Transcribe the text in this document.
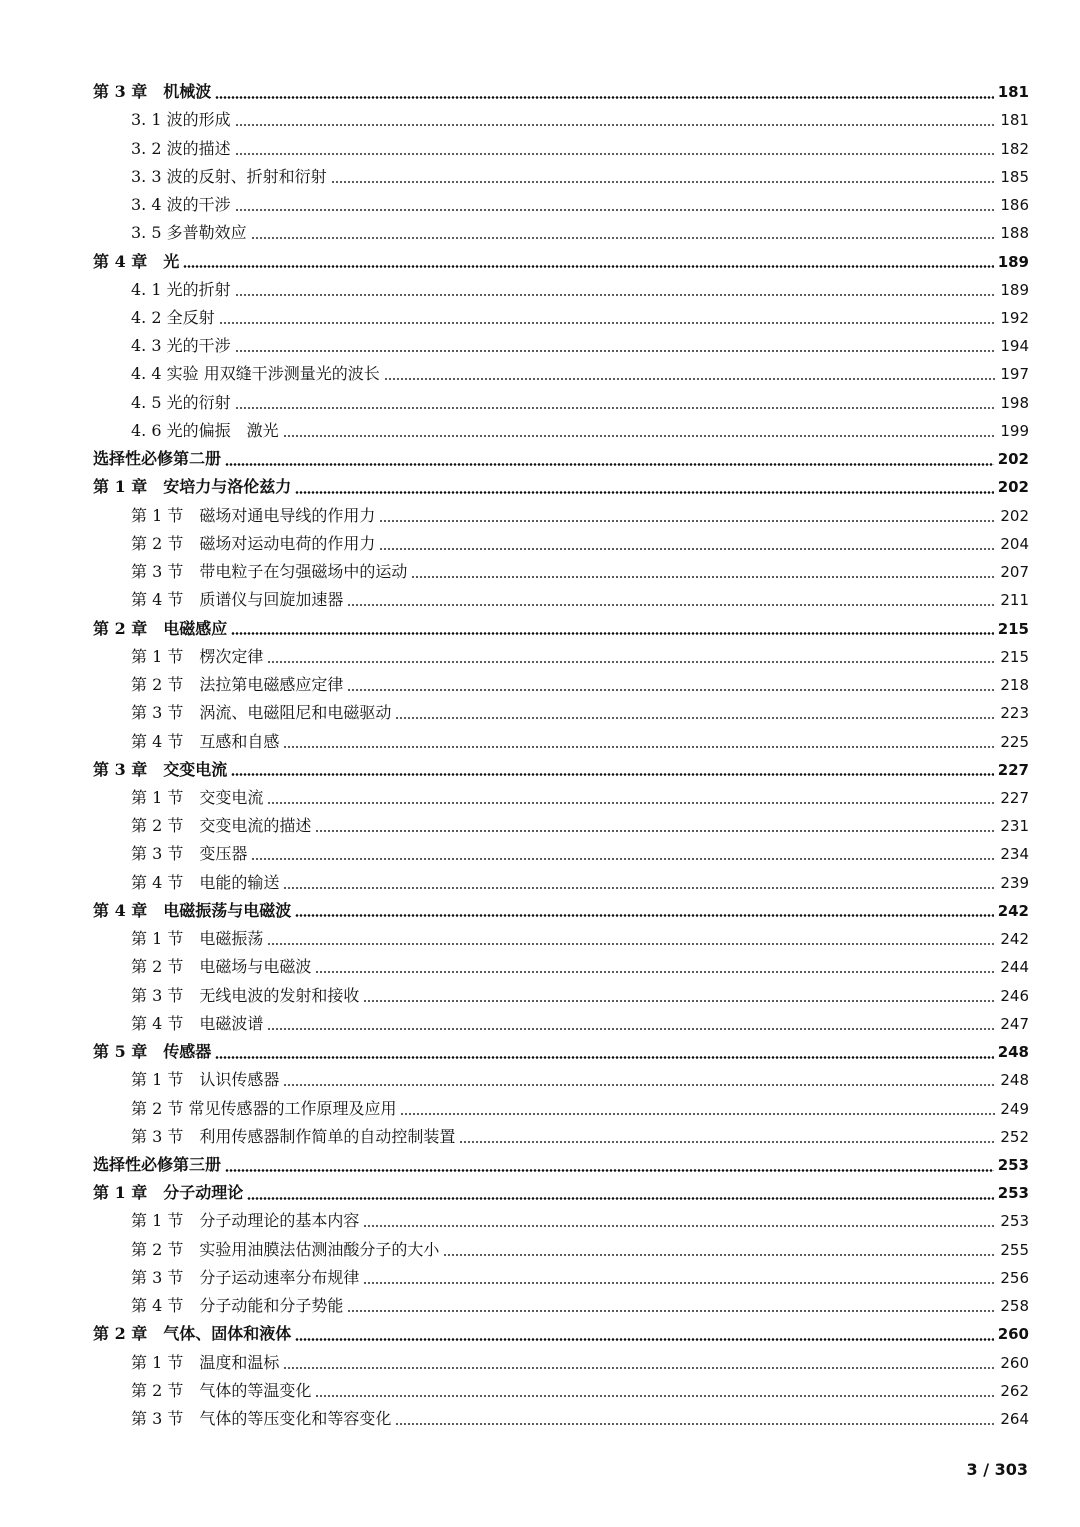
第 3 章　机械波	181
3. 1 波的形成	181
3. 2 波的描述	182
3. 3 波的反射、折射和衍射	185
3. 4 波的干涉	186
3. 5 多普勒效应	188
第 4 章　光	189
4. 1 光的折射	189
4. 2 全反射	192
4. 3 光的干涉	194
4. 4 实验 用双缝干涉测量光的波长	197
4. 5 光的衍射	198
4. 6 光的偏振　激光	199
选择性必修第二册	202
第 1 章　安培力与洛伦兹力	202
第 1 节　磁场对通电导线的作用力	202
第 2 节　磁场对运动电荷的作用力	204
第 3 节　带电粒子在匀强磁场中的运动	207
第 4 节　质谱仪与回旋加速器	211
第 2 章　电磁感应	215
第 1 节　楞次定律	215
第 2 节　法拉第电磁感应定律	218
第 3 节　涡流、电磁阻尼和电磁驱动	223
第 4 节　互感和自感	225
第 3 章　交变电流	227
第 1 节　交变电流	227
第 2 节　交变电流的描述	231
第 3 节　变压器	234
第 4 节　电能的输送	239
第 4 章　电磁振荡与电磁波	242
第 1 节　电磁振荡	242
第 2 节　电磁场与电磁波	244
第 3 节　无线电波的发射和接收	246
第 4 节　电磁波谱	247
第 5 章　传感器	248
第 1 节　认识传感器	248
第 2 节 常见传感器的工作原理及应用	249
第 3 节　利用传感器制作简单的自动控制装置	252
选择性必修第三册	253
第 1 章　分子动理论	253
第 1 节　分子动理论的基本内容	253
第 2 节　实验用油膜法估测油酸分子的大小	255
第 3 节　分子运动速率分布规律	256
第 4 节　分子动能和分子势能	258
第 2 章　气体、固体和液体	260
第 1 节　温度和温标	260
第 2 节　气体的等温变化	262
第 3 节　气体的等压变化和等容变化	264
3 / 303
